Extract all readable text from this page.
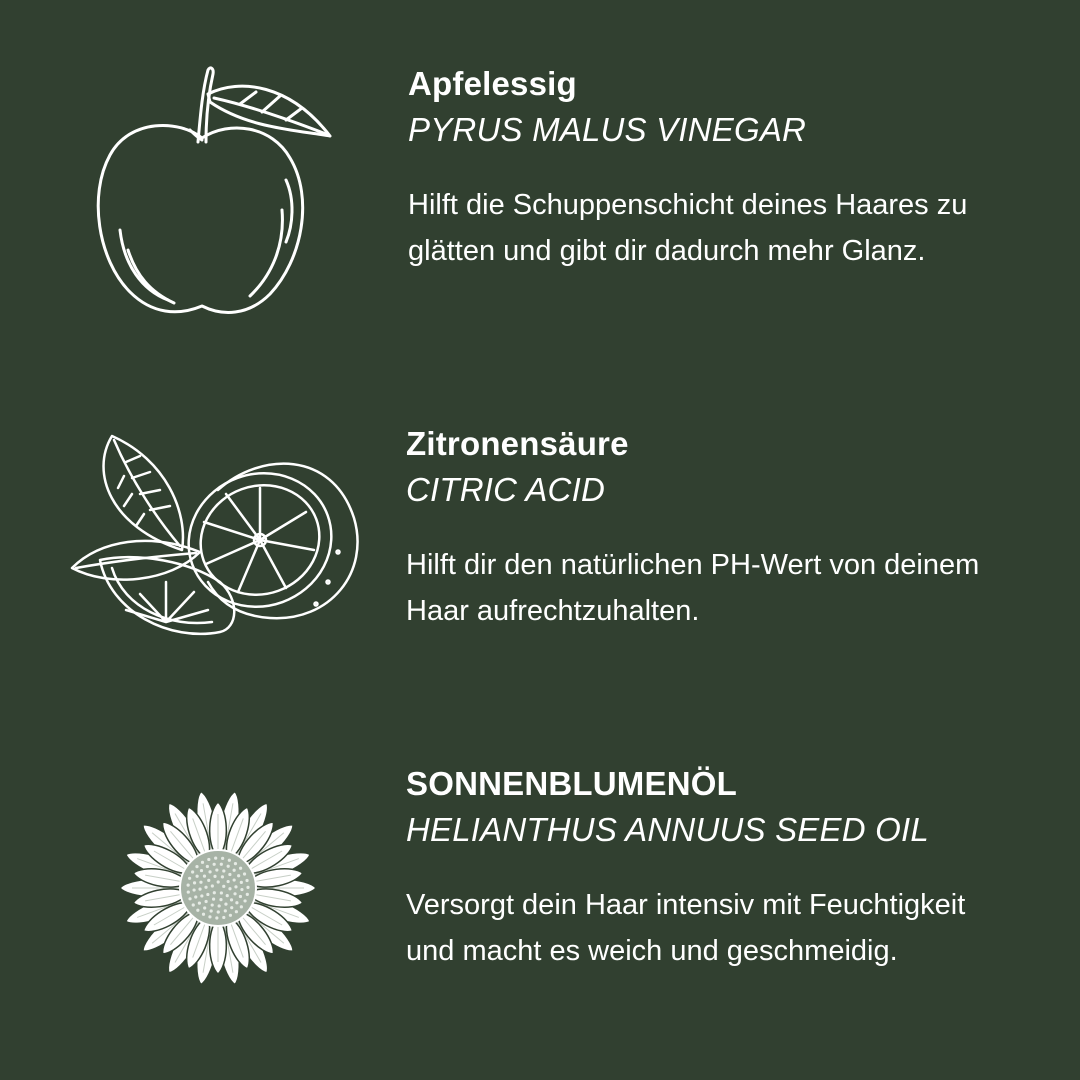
Apfelessig

PYRUS MALUS VINEGAR

Hilft die Schuppenschicht deines Haares zu glätten und gibt dir dadurch mehr Glanz.

Zitronensäure

CITRIC ACID

Hilft dir den natürlichen PH-Wert von deinem Haar aufrechtzuhalten.

SONNENBLUMENÖL

HELIANTHUS ANNUUS SEED OIL

Versorgt dein Haar intensiv mit Feuchtigkeit und macht es weich und geschmeidig.
